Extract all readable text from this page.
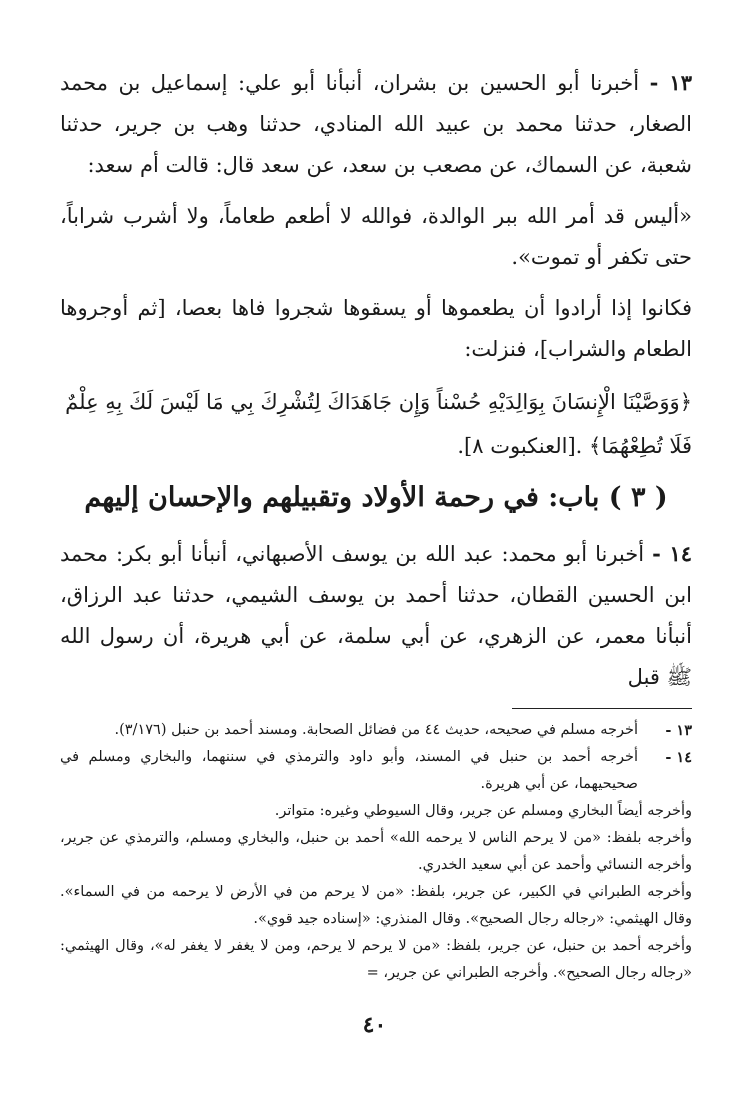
١٣ - أخبرنا أبو الحسين بن بشران، أنبأنا أبو علي: إسماعيل بن محمد الصغار، حدثنا محمد بن عبيد الله المنادي، حدثنا وهب بن جرير، حدثنا شعبة، عن السماك، عن مصعب بن سعد، عن سعد قال: قالت أم سعد:

«أليس قد أمر الله ببر الوالدة، فوالله لا أطعم طعاماً، ولا أشرب شراباً، حتى تكفر أو تموت».

فكانوا إذا أرادوا أن يطعموها أو يسقوها شجروا فاها بعصا، [ثم أوجروها الطعام والشراب]، فنزلت:

﴿وَوَصَّيْنَا الْإِنسَانَ بِوَالِدَيْهِ حُسْناً وَإِن جَاهَدَاكَ لِتُشْرِكَ بِي مَا لَيْسَ لَكَ بِهِ عِلْمٌ فَلَا تُطِعْهُمَا﴾ .[العنكبوت ٨].

( ٣ ) باب: في رحمة الأولاد وتقبيلهم والإحسان إليهم

١٤ - أخبرنا أبو محمد: عبد الله بن يوسف الأصبهاني، أنبأنا أبو بكر: محمد ابن الحسين القطان، حدثنا أحمد بن يوسف الشيمي، حدثنا عبد الرزاق، أنبأنا معمر، عن الزهري، عن أبي سلمة، عن أبي هريرة، أن رسول الله ﷺ قبل

١٣ -
أخرجه مسلم في صحيحه، حديث ٤٤ من فضائل الصحابة. ومسند أحمد بن حنبل (٣/١٧٦).
١٤ -
أخرجه أحمد بن حنبل في المسند، وأبو داود والترمذي في سننهما، والبخاري ومسلم في صحيحيهما، عن أبي هريرة.
وأخرجه أيضاً البخاري ومسلم عن جرير، وقال السيوطي وغيره: متواتر.
وأخرجه بلفظ: «من لا يرحم الناس لا يرحمه الله» أحمد بن حنبل، والبخاري ومسلم، والترمذي عن جرير، وأخرجه النسائي وأحمد عن أبي سعيد الخدري.
وأخرجه الطبراني في الكبير، عن جرير، بلفظ: «من لا يرحم من في الأرض لا يرحمه من في السماء». وقال الهيثمي: «رجاله رجال الصحيح». وقال المنذري: «إسناده جيد قوي».
وأخرجه أحمد بن حنبل، عن جرير، بلفظ: «من لا يرحم لا يرحم، ومن لا يغفر لا يغفر له»، وقال الهيثمي: «رجاله رجال الصحيح». وأخرجه الطبراني عن جرير، =
٤٠
